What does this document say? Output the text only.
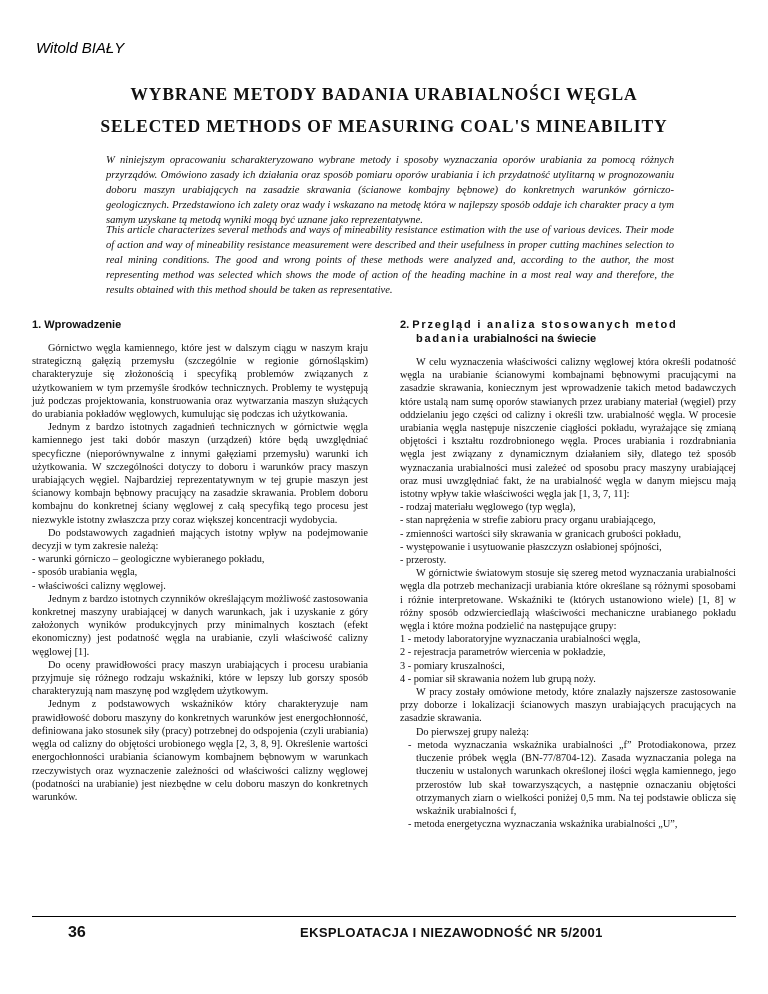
Witold BIAŁY
WYBRANE METODY BADANIA URABIALNOŚCI WĘGLA
SELECTED METHODS OF MEASURING COAL'S MINEABILITY

W niniejszym opracowaniu scharakteryzowano wybrane metody i sposoby wyznaczania oporów urabiania za pomocą różnych przyrządów. Omówiono zasady ich działania oraz sposób pomiaru oporów urabiania i ich przydatność utylitarną w prognozowaniu doboru maszyn urabiających na zasadzie skrawania (ścianowe kombajny bębnowe) do konkretnych warunków górniczo-geologicznych. Przedstawiono ich zalety oraz wady i wskazano na metodę która w najlepszy sposób oddaje ich charakter pracy a tym samym uzyskane tą metodą wyniki mogą być uznane jako reprezentatywne.

This article characterizes several methods and ways of mineability resistance estimation with the use of various devices. Their mode of action and way of mineability resistance measurement were described and their usefulness in proper cutting machines selection to real mining conditions. The good and wrong points of these methods were analyzed and, according to the author, the most representing method was selected which shows the mode of action of the heading machine in a most real way and therefore, the results obtained with this method should be taken as representative.

1. Wprowadzenie

Górnictwo węgla kamiennego, które jest w dalszym ciągu w naszym kraju strategiczną gałęzią przemysłu (szczególnie w regionie górnośląskim) charakteryzuje się złożonością i specyfiką problemów związanych z użytkowaniem w tym przemyśle środków technicznych. Problemy te występują już podczas projektowania, konstruowania oraz wytwarzania maszyn służących do urabiania pokładów węglowych, kumulując się podczas ich użytkowania.

Jednym z bardzo istotnych zagadnień technicznych w górnictwie węgla kamiennego jest taki dobór maszyn (urządzeń) które będą uwzględniać specyficzne (nieporównywalne z innymi gałęziami przemysłu) warunki ich użytkowania. W szczególności dotyczy to doboru i warunków pracy maszyn urabiających węgiel. Najbardziej reprezentatywnym w tej grupie maszyn jest ścianowy kombajn bębnowy pracujący na zasadzie skrawania. Problem doboru kombajnu do konkretnej ściany węglowej z całą specyfiką tego procesu jest niezwykle istotny zwłaszcza przy coraz większej koncentracji wydobycia.

Do podstawowych zagadnień mających istotny wpływ na podejmowanie decyzji w tym zakresie należą:

- warunki górniczo – geologiczne wybieranego pokładu,
- sposób urabiania węgla,
- właściwości calizny węglowej.

Jednym z bardzo istotnych czynników określającym możliwość zastosowania konkretnej maszyny urabiającej w danych warunkach, jak i uzyskanie z góry założonych wyników produkcyjnych przy minimalnych kosztach (efekt ekonomiczny) jest podatność węgla na urabianie, czyli właściwość calizny węglowej [1].

Do oceny prawidłowości pracy maszyn urabiających i procesu urabiania przyjmuje się różnego rodzaju wskaźniki, które w lepszy lub gorszy sposób charakteryzują nam maszynę pod względem użytkowym.

Jednym z podstawowych wskaźników który charakteryzuje nam prawidłowość doboru maszyny do konkretnych warunków jest energochłonność, definiowana jako stosunek siły (pracy) potrzebnej do odspojenia (czyli urabiania) węgla od calizny do objętości urobionego węgla [2, 3, 8, 9]. Określenie wartości energochłonności urabiania ścianowym kombajnem bębnowym w warunkach rzeczywistych oraz wyznaczenie zależności od właściwości calizny węglowej (podatności na urabianie) jest niezbędne w celu doboru maszyn do konkretnych warunków.

2. Przegląd i analiza stosowanych metod badania urabialności na świecie

W celu wyznaczenia właściwości calizny węglowej która określi podatność węgla na urabianie ścianowymi kombajnami bębnowymi pracującymi na zasadzie skrawania, koniecznym jest wprowadzenie takich metod badawczych które ustalą nam sumę oporów stawianych przez urabiany materiał (węgiel) przy oddzielaniu jego części od calizny i określi tzw. urabialność węgla. W procesie urabiania węgla następuje niszczenie ciągłości pokładu, wyrażające się zmianą objętości i kształtu rozdrobnionego węgla. Proces urabiania i rozdrabniania węgla jest związany z dynamicznym działaniem siły, dlatego też sposób wyznaczania urabialności musi zależeć od sposobu pracy maszyny urabiającej oraz musi uwzględniać fakt, że na urabialność węgla w danym miejscu mają istotny wpływ takie właściwości węgla jak [1, 3, 7, 11]:

- rodzaj materiału węglowego (typ węgla),
- stan naprężenia w strefie zabioru pracy organu urabiającego,
- zmienności wartości siły skrawania w granicach grubości pokładu,
- występowanie i usytuowanie płaszczyzn osłabionej spójności,
- przerosty.

W górnictwie światowym stosuje się szereg metod wyznaczania urabialności węgla dla potrzeb mechanizacji urabiania które określane są różnymi sposobami i różnie interpretowane. Wskaźniki te (których ustanowiono wiele) [1, 8] w różny sposób odzwierciedlają właściwości mechaniczne urabianego pokładu węgla i które można podzielić na następujące grupy:

1 - metody laboratoryjne wyznaczania urabialności węgla,
2 - rejestracja parametrów wiercenia w pokładzie,
3 - pomiary kruszalności,
4 - pomiar sił skrawania nożem lub grupą noży.

W pracy zostały omówione metody, które znalazły najszersze zastosowanie przy doborze i lokalizacji ścianowych maszyn urabiających pracujących na zasadzie skrawania.

Do pierwszej grupy należą:

- metoda wyznaczania wskaźnika urabialności „f” Protodiakonowa, przez tłuczenie próbek węgla (BN-77/8704-12). Zasada wyznaczania polega na tłuczeniu w ustalonych warunkach określonej ilości węgla kamiennego, jego przerostów lub skał towarzyszących, a następnie oznaczaniu objętości otrzymanych ziarn o wielkości poniżej 0,5 mm. Na tej podstawie oblicza się wskaźnik urabialności f,
- metoda energetyczna wyznaczania wskaźnika urabialności „U”,
36	EKSPLOATACJA I NIEZAWODNOŚĆ NR 5/2001
